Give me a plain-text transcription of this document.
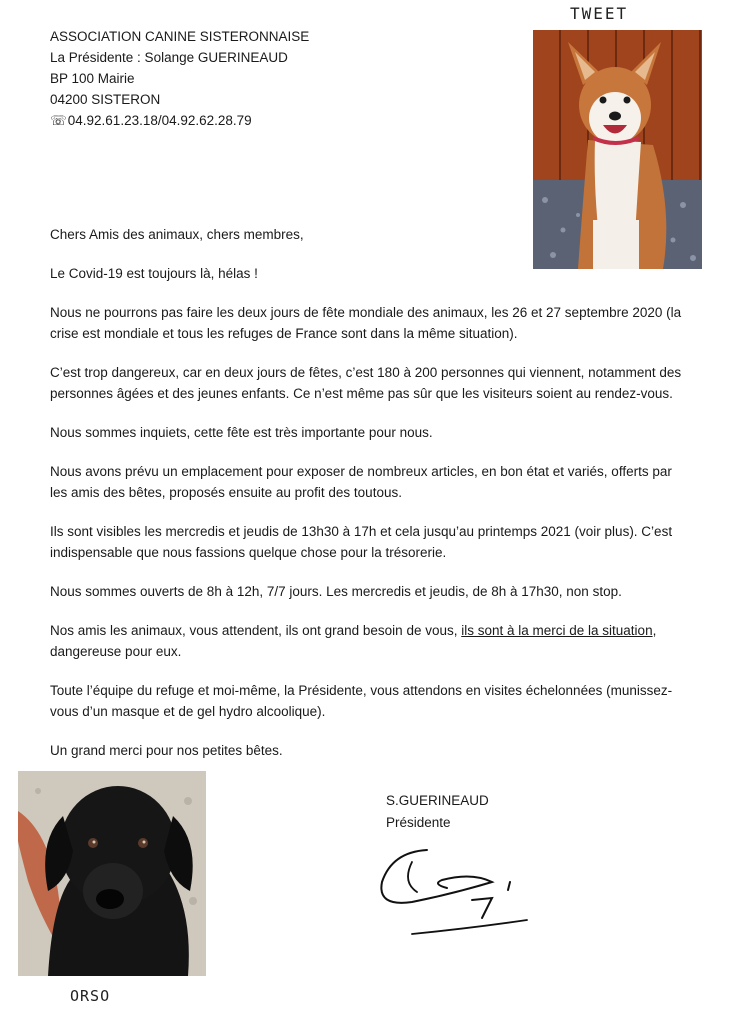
ASSOCIATION CANINE SISTERONNAISE
La Présidente : Solange GUERINEAUD
BP 100 Mairie
04200 SISTERON
☏ 04.92.61.23.18/04.92.62.28.79
TWEET

Chers Amis des animaux, chers membres,

Le Covid-19 est toujours là, hélas !

Nous ne pourrons pas faire les deux jours de fête mondiale des animaux, les 26 et 27 septembre 2020 (la crise est mondiale et tous les refuges de France sont dans la même situation).

C’est trop dangereux, car en deux jours de fêtes, c’est 180 à 200 personnes qui viennent, notamment des personnes âgées et des jeunes enfants. Ce n’est même pas sûr que les visiteurs soient au rendez-vous.

Nous sommes inquiets, cette fête est très importante pour nous.

Nous avons prévu un emplacement pour exposer de nombreux articles, en bon état et variés, offerts par les amis des bêtes, proposés ensuite au profit des toutous.

Ils sont visibles les mercredis et jeudis de 13h30 à 17h et cela jusqu’au printemps 2021 (voir plus). C’est indispensable que nous fassions quelque chose pour la trésorerie.

Nous sommes ouverts de 8h à 12h, 7/7 jours. Les mercredis et jeudis, de 8h à 17h30, non stop.

Nos amis les animaux, vous attendent, ils ont grand besoin de vous, ils sont à la merci de la situation, dangereuse pour eux.

Toute l’équipe du refuge et moi-même, la Présidente, vous attendons en visites échelonnées (munissez-vous d’un masque et de gel hydro alcoolique).

Un grand merci pour nos petites bêtes.

ORSO
S.GUERINEAUD
Présidente
